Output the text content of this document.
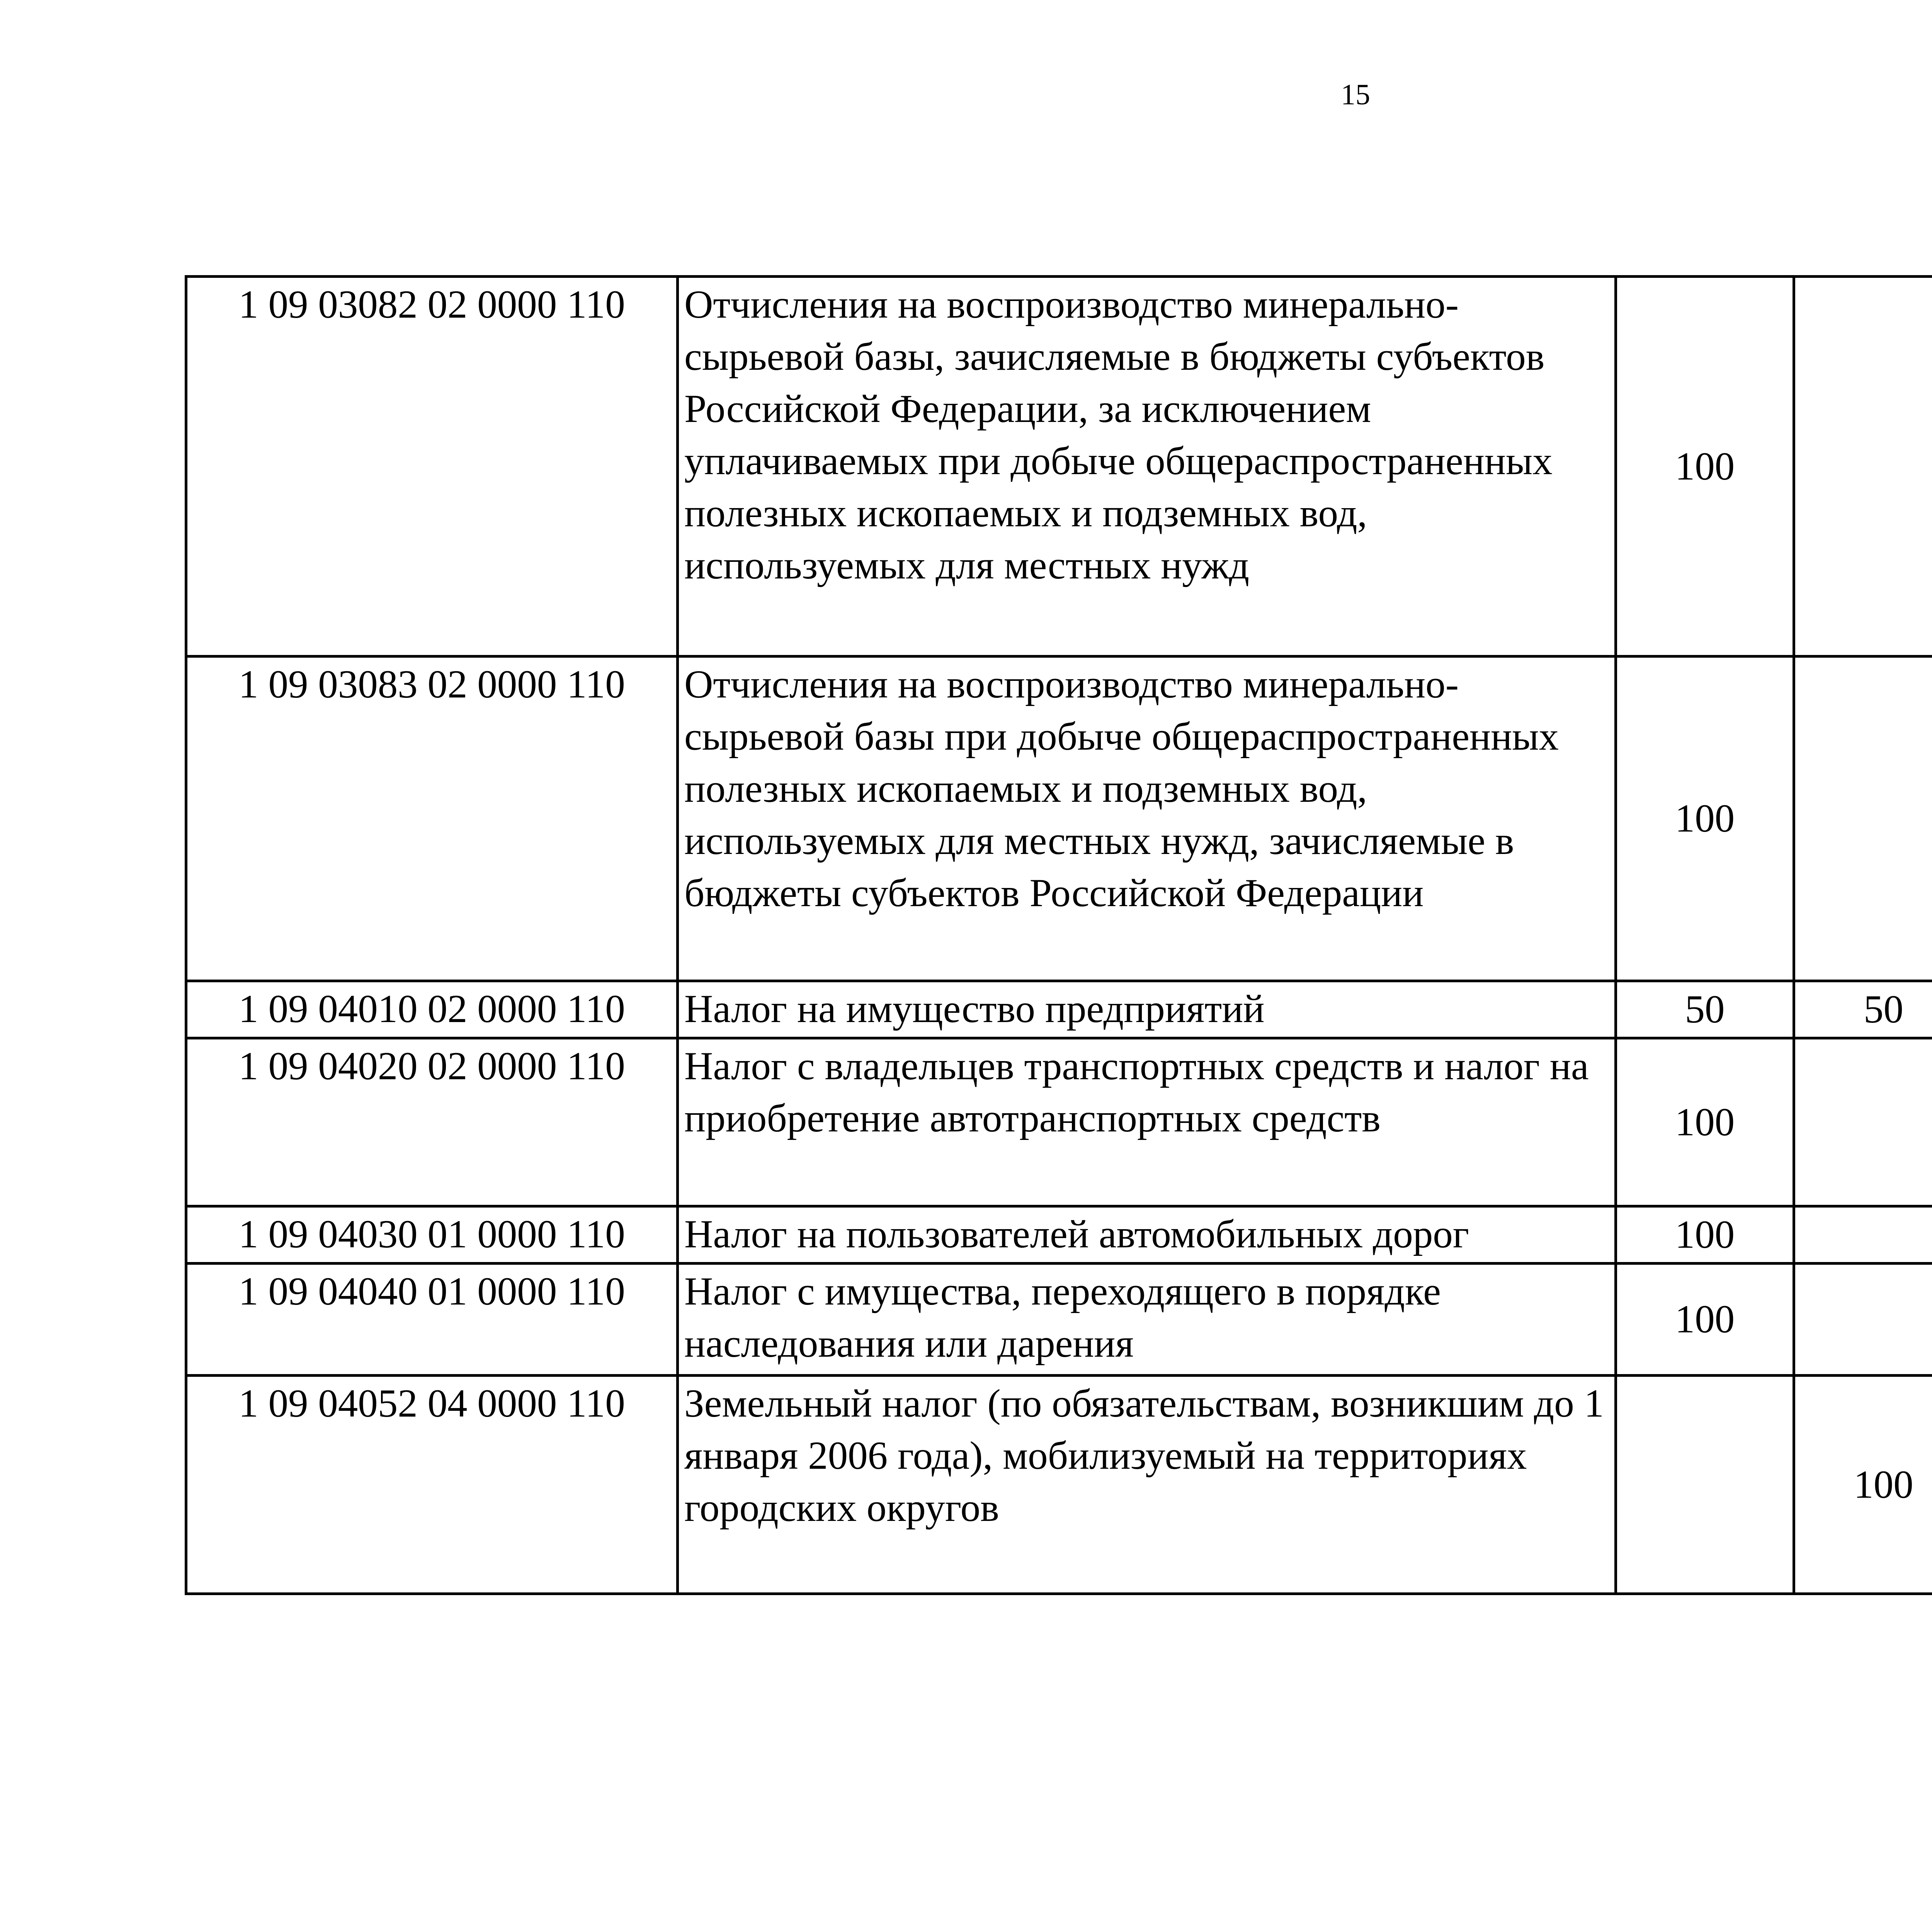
15
1 09 03082 02 0000 110	Отчисления на воспроизводство минерально-сырьевой базы, зачисляемые в бюджеты субъектов Российской Федерации, за исключением уплачиваемых при добыче общераспространенных полезных ископаемых и подземных вод, используемых для местных нужд	100				
1 09 03083 02 0000 110	Отчисления на воспроизводство минерально-сырьевой базы при добыче общераспространенных полезных ископаемых и подземных вод, используемых для местных нужд, зачисляемые в бюджеты субъектов Российской Федерации	100				
1 09 04010 02 0000 110	Налог на имущество предприятий	50	50			
1 09 04020 02 0000 110	Налог с владельцев транспортных средств и налог на приобретение автотранспортных средств	100				
1 09 04030 01 0000 110	Налог на пользователей автомобильных дорог	100				
1 09 04040 01 0000 110	Налог с имущества, переходящего в порядке наследования или дарения	100				
1 09 04052 04 0000 110	Земельный налог (по обязательствам, возникшим до 1 января 2006 года), мобилизуемый на территориях городских округов		100			
